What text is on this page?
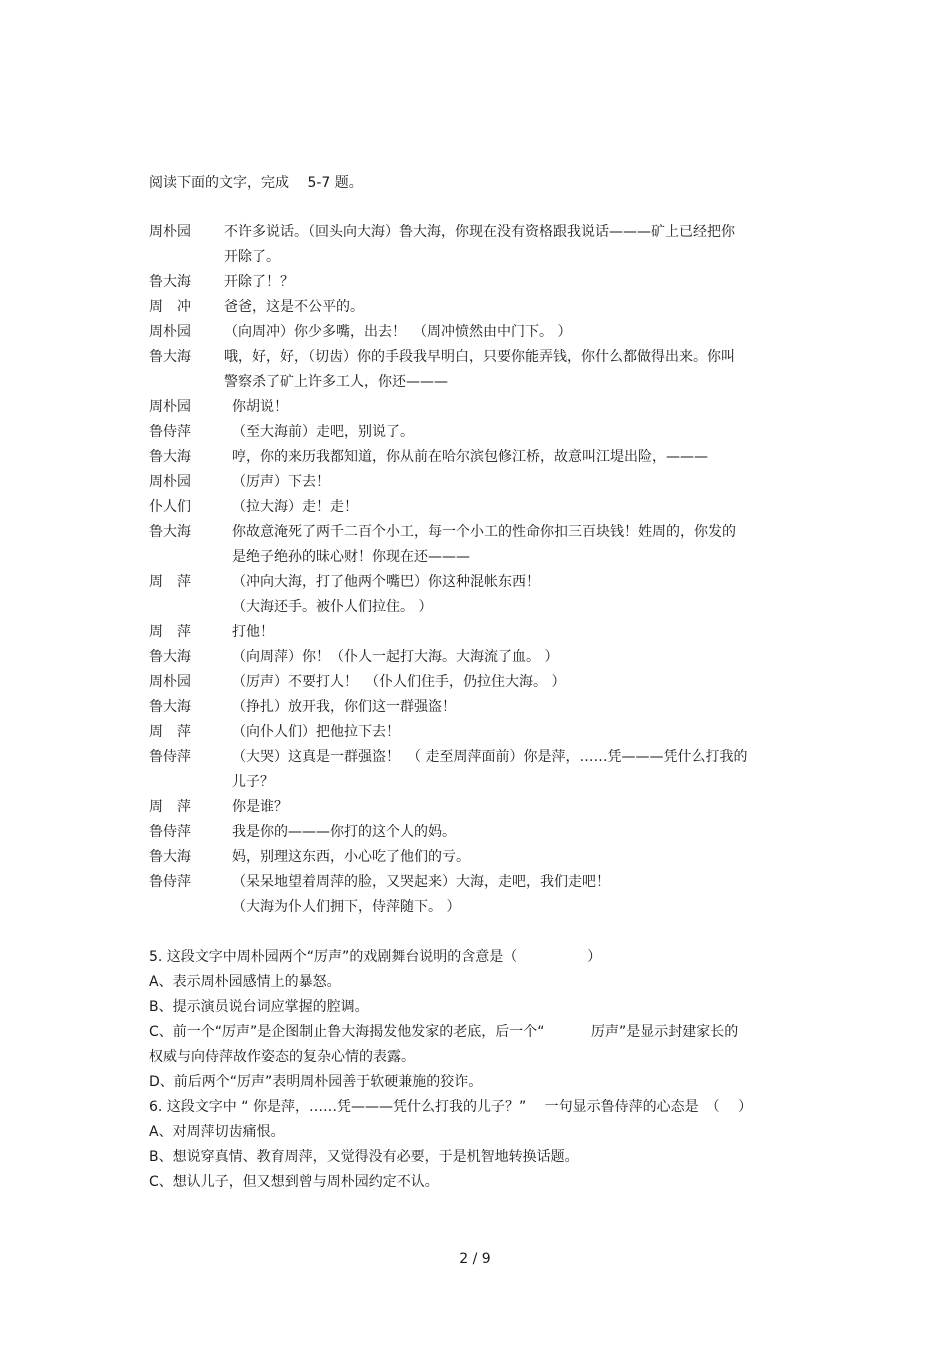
阅读下面的文字，完成　 5-7 题。
周朴园	不许多说话。（回头向大海）鲁大海，你现在没有资格跟我说话———矿上已经把你
开除了。
鲁大海	开除了！？
周　冲	爸爸，这是不公平的。
周朴园	（向周冲）你少多嘴，出去！　（周冲愤然由中门下。 ）
鲁大海	哦，好，好，（切齿）你的手段我早明白，只要你能弄钱，你什么都做得出来。你叫
警察杀了矿上许多工人，你还———
周朴园	你胡说！
鲁侍萍	（至大海前）走吧，别说了。
鲁大海	哼，你的来历我都知道，你从前在哈尔滨包修江桥，故意叫江堤出险，———
周朴园	（厉声）下去！
仆人们	（拉大海）走！走！
鲁大海	你故意淹死了两千二百个小工，每一个小工的性命你扣三百块钱！姓周的，你发的
是绝子绝孙的昧心财！你现在还———
周　萍	（冲向大海，打了他两个嘴巴）你这种混帐东西！
（大海还手。被仆人们拉住。 ）
周　萍	打他！
鲁大海	（向周萍）你！（仆人一起打大海。大海流了血。 ）
周朴园	（厉声）不要打人！　（仆人们住手，仍拉住大海。 ）
鲁大海	（挣扎）放开我，你们这一群强盗！
周　萍	（向仆人们）把他拉下去！
鲁侍萍	（大哭）这真是一群强盗！　（ 走至周萍面前）你是萍，……凭———凭什么打我的
儿子？
周　萍	你是谁？
鲁侍萍	我是你的———你打的这个人的妈。
鲁大海	妈，别理这东西，小心吃了他们的亏。
鲁侍萍	（呆呆地望着周萍的脸，又哭起来）大海，走吧，我们走吧！
（大海为仆人们拥下，侍萍随下。 ）
5. 这段文字中周朴园两个“厉声”的戏剧舞台说明的含意是（　　　　　）
A、表示周朴园感情上的暴怒。
B、提示演员说台词应掌握的腔调。
C、前一个“厉声”是企图制止鲁大海揭发他发家的老底，后一个“　　　 厉声”是显示封建家长的
权威与向侍萍故作姿态的复杂心情的表露。
D、前后两个“厉声”表明周朴园善于软硬兼施的狡诈。
6. 这段文字中 “ 你是萍，……凭———凭什么打我的儿子？”　 一句显示鲁侍萍的心态是　（　 ）
A、对周萍切齿痛恨。
B、想说穿真情、教育周萍，又觉得没有必要，于是机智地转换话题。
C、想认儿子，但又想到曾与周朴园约定不认。
2 / 9
